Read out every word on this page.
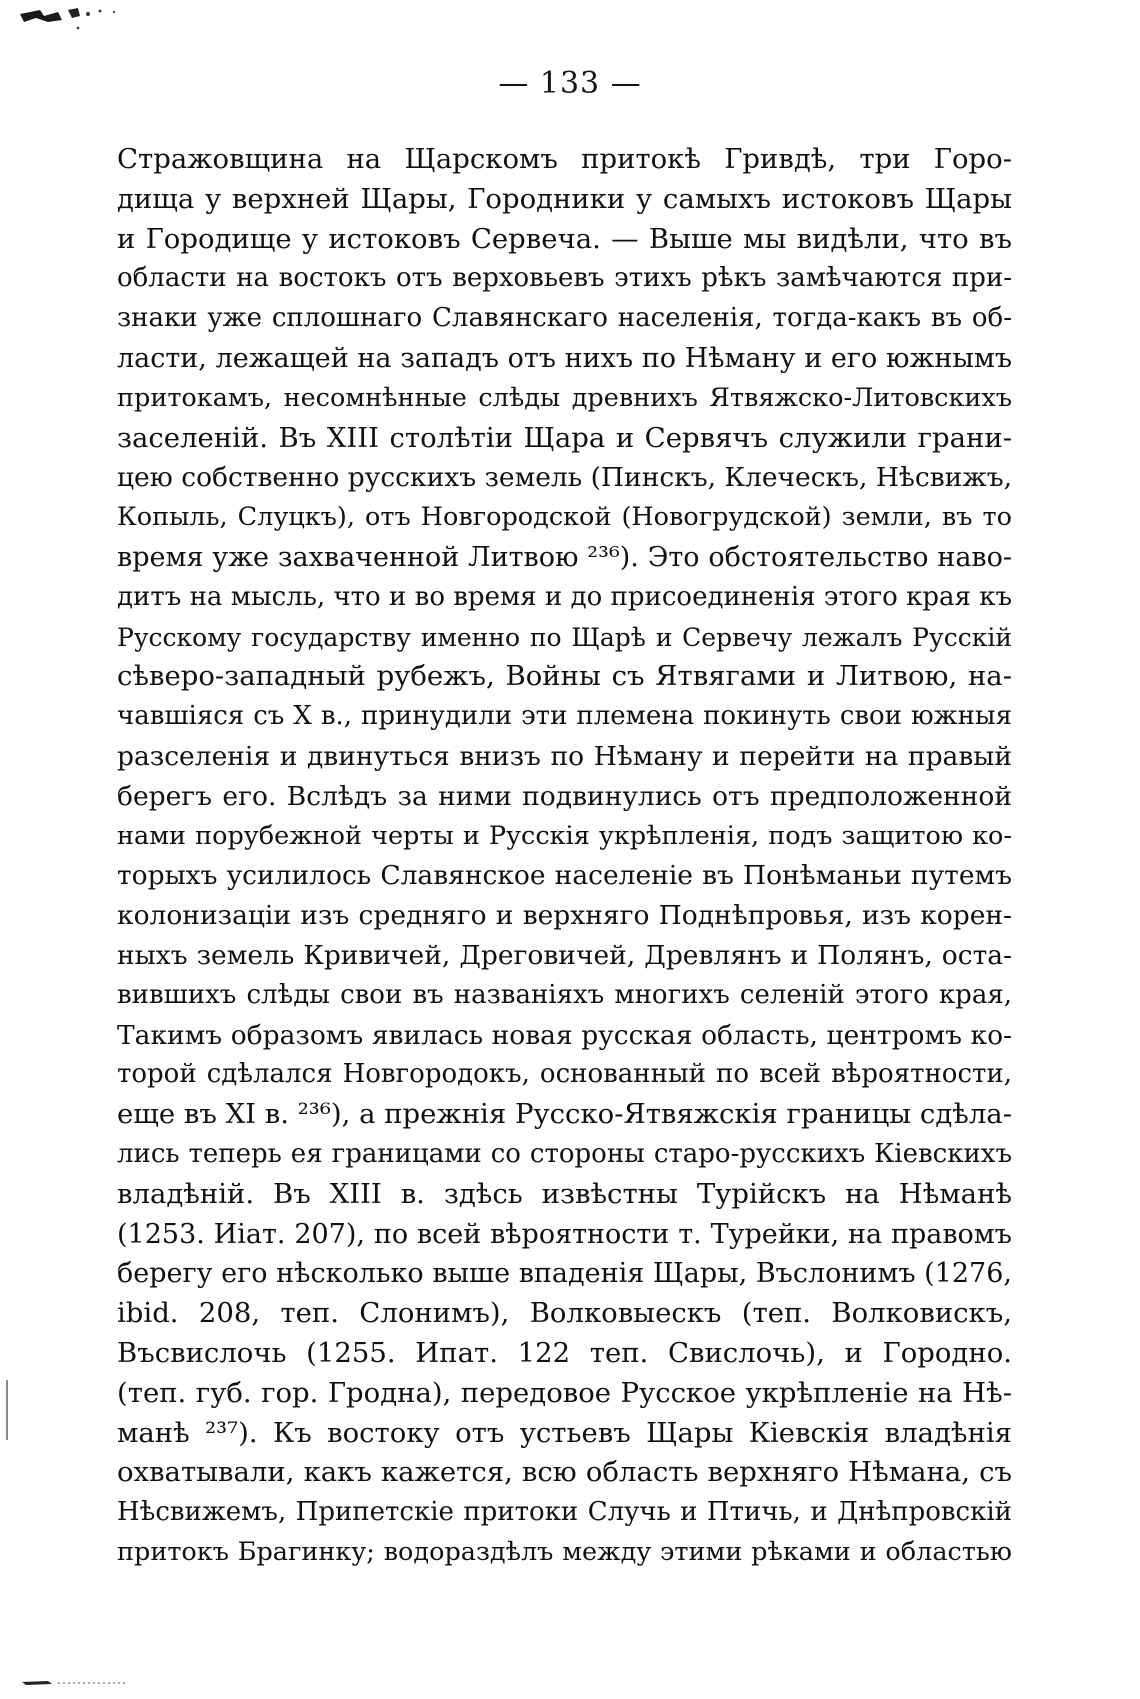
— 133 —
Стражовщина на Щарскомъ притокѣ Гривдѣ, три Горо-
дища у верхней Щары, Городники у самыхъ истоковъ Щары
и Городище у истоковъ Сервеча. — Выше мы видѣли, что въ
области на востокъ отъ верховьевъ этихъ рѣкъ замѣчаются при-
знаки уже сплошнаго Славянскаго населенія, тогда-какъ въ об-
ласти, лежащей на западъ отъ нихъ по Нѣману и его южнымъ
притокамъ, несомнѣнные слѣды древнихъ Ятвяжско-Литовскихъ
заселеній. Въ XIII столѣтіи Щара и Сервячъ служили грани-
цею собственно русскихъ земель (Пинскъ, Клеческъ, Нѣсвижъ,
Копыль, Слуцкъ), отъ Новгородской (Новогрудской) земли, въ то
время уже захваченной Литвою ²³⁶). Это обстоятельство наво-
дитъ на мысль, что и во время и до присоединенія этого края къ
Русскому государству именно по Щарѣ и Сервечу лежалъ Русскій
сѣверо-западный рубежъ, Войны съ Ятвягами и Литвою, на-
чавшіяся съ X в., принудили эти племена покинуть свои южныя
разселенія и двинуться внизъ по Нѣману и перейти на правый
берегъ его. Вслѣдъ за ними подвинулись отъ предположенной
нами порубежной черты и Русскія укрѣпленія, подъ защитою ко-
торыхъ усилилось Славянское населеніе въ Понѣманьи путемъ
колонизаціи изъ средняго и верхняго Поднѣпровья, изъ корен-
ныхъ земель Кривичей, Дреговичей, Древлянъ и Полянъ, оста-
вившихъ слѣды свои въ названіяхъ многихъ селеній этого края,
Такимъ образомъ явилась новая русская область, центромъ ко-
торой сдѣлался Новгородокъ, основанный по всей вѣроятности,
еще въ XI в. ²³⁶), а прежнія Русско-Ятвяжскія границы сдѣла-
лись теперь ея границами со стороны старо-русскихъ Кіевскихъ
владѣній. Въ XIII в. здѣсь извѣстны Турійскъ на Нѣманѣ
(1253. Иіат. 207), по всей вѣроятности т. Турейки, на правомъ
берегу его нѣсколько выше впаденія Щары, Въслонимъ (1276,
ibid. 208, теп. Слонимъ), Волковыескъ (теп. Волковискъ,
Въсвислочь (1255. Ипат. 122 теп. Свислочь), и Городно.
(теп. губ. гор. Гродна), передовое Русское укрѣпленіе на Нѣ-
манѣ ²³⁷). Къ востоку отъ устьевъ Щары Кіевскія владѣнія
охватывали, какъ кажется, всю область верхняго Нѣмана, съ
Нѣсвижемъ, Припетскіе притоки Случь и Птичь, и Днѣпровскій
притокъ Брагинку; водораздѣлъ между этими рѣками и областью
